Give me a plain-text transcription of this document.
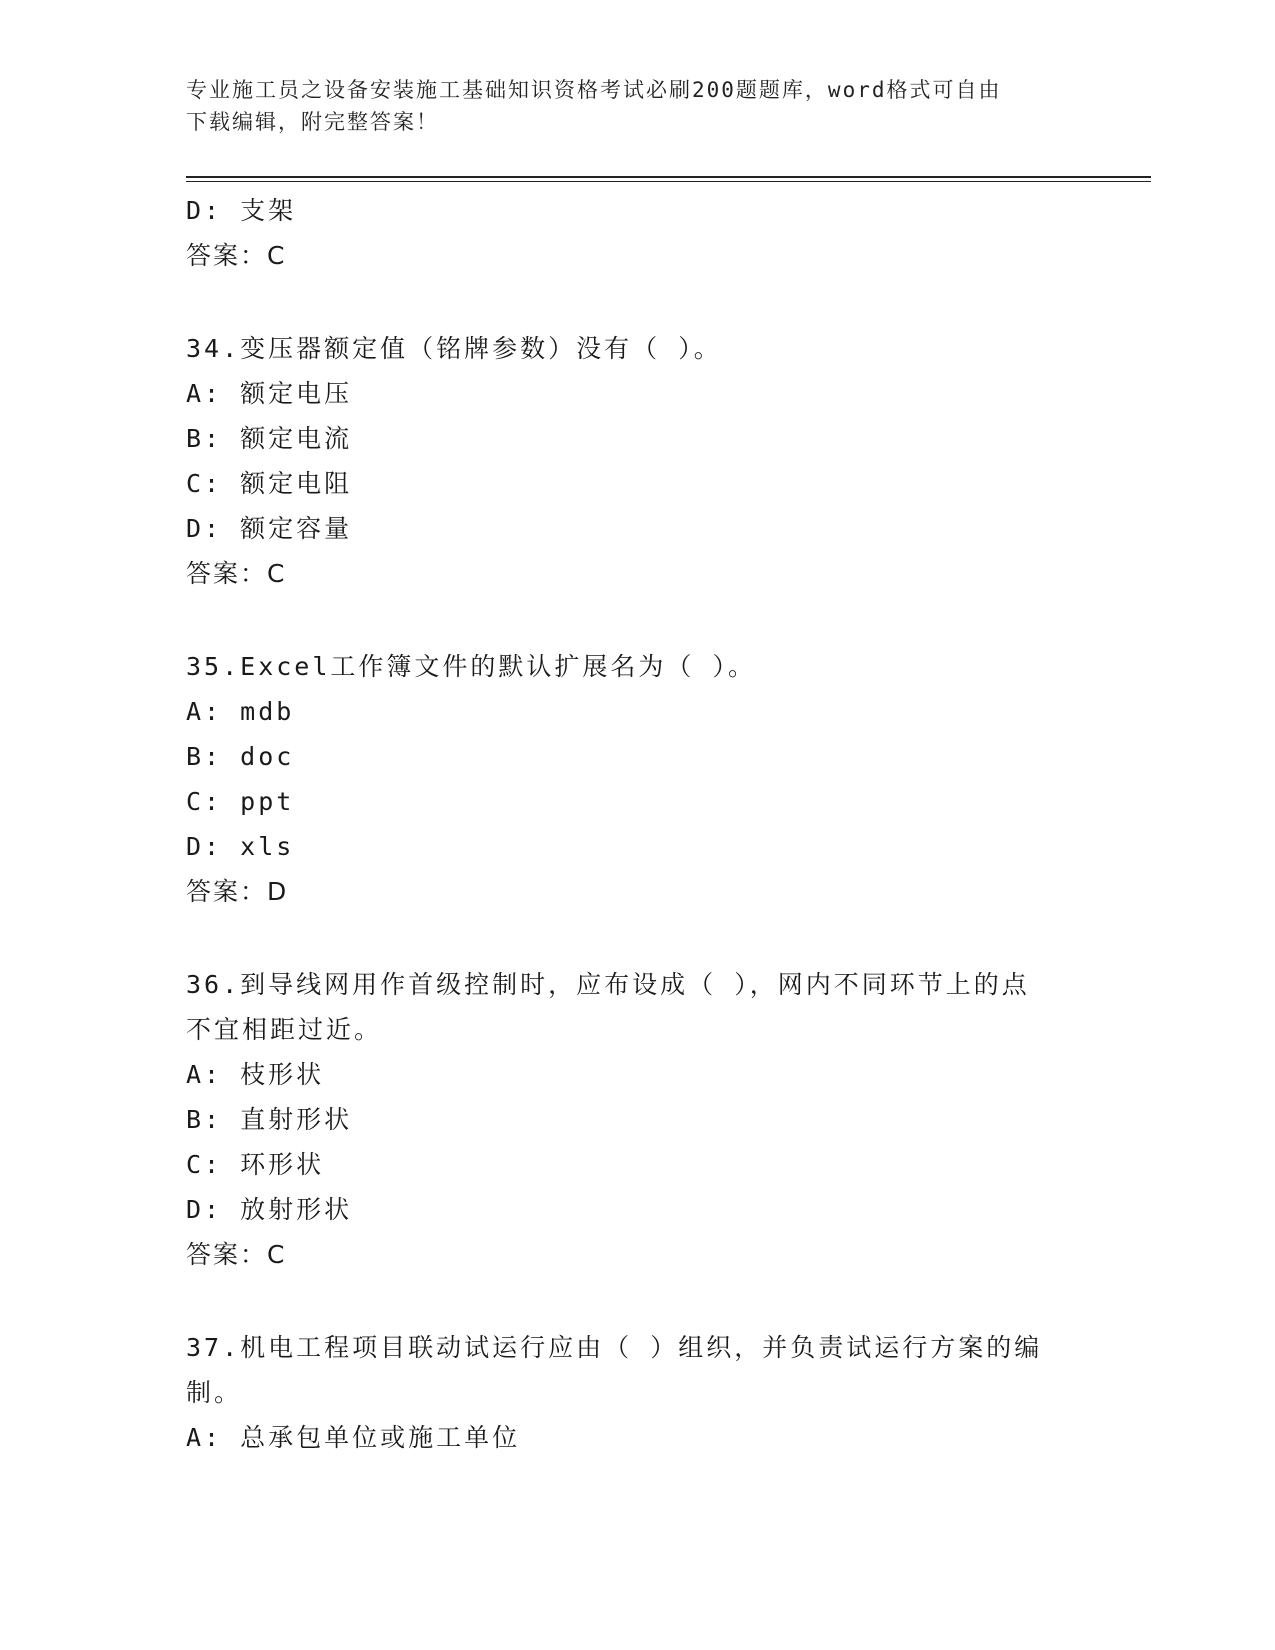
专业施工员之设备安装施工基础知识资格考试必刷200题题库，word格式可自由
下载编辑，附完整答案！
D: 支架
答案：C
34.变压器额定值（铭牌参数）没有（ ）。
A: 额定电压
B: 额定电流
C: 额定电阻
D: 额定容量
答案：C
35.Excel工作簿文件的默认扩展名为（ ）。
A: mdb
B: doc
C: ppt
D: xls
答案：D
36.到导线网用作首级控制时，应布设成（ ），网内不同环节上的点
不宜相距过近。
A: 枝形状
B: 直射形状
C: 环形状
D: 放射形状
答案：C
37.机电工程项目联动试运行应由（ ）组织，并负责试运行方案的编
制。
A: 总承包单位或施工单位
